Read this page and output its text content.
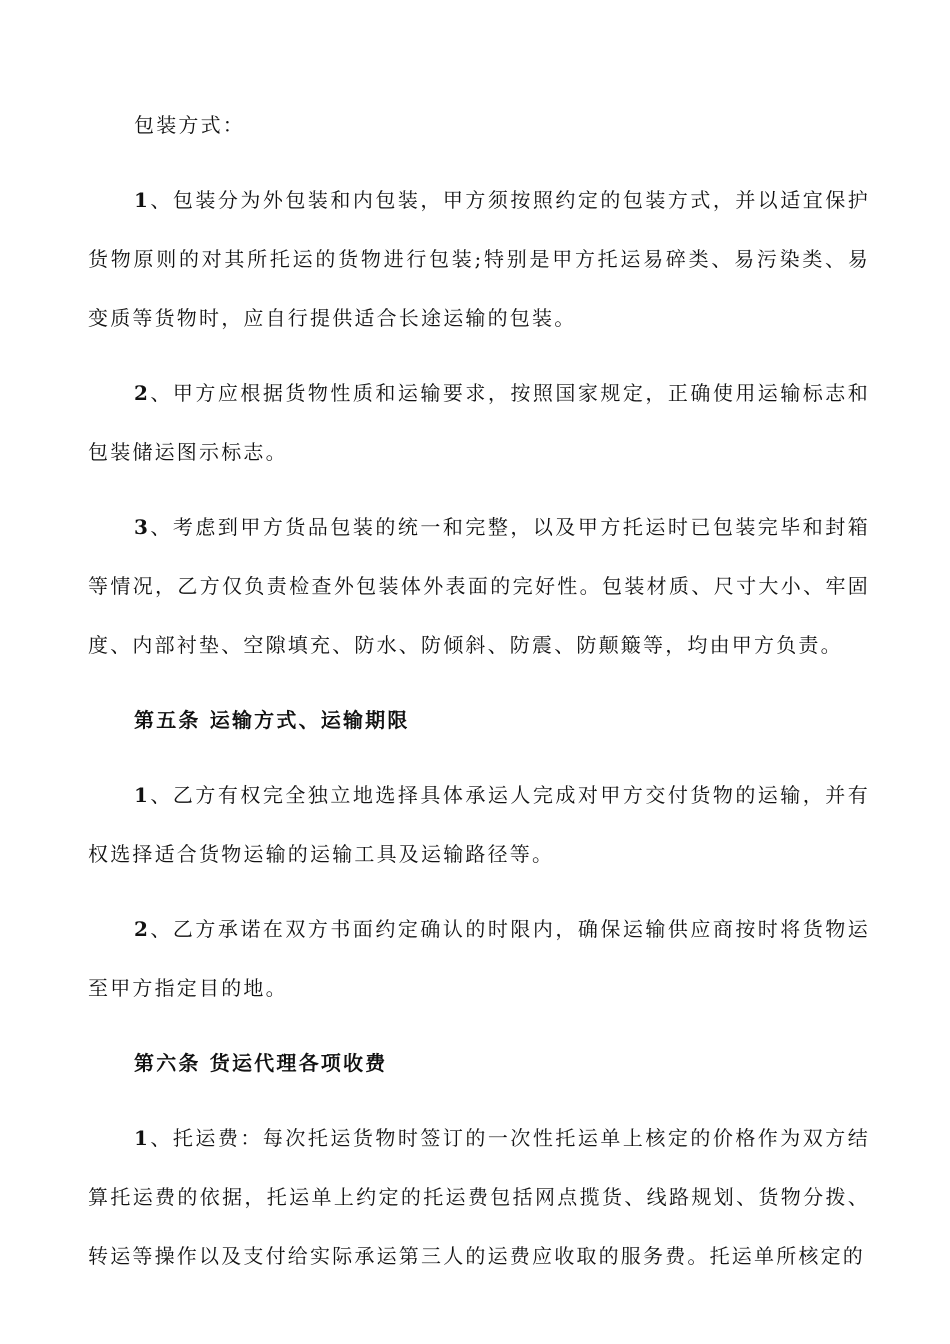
包装方式：

1、包装分为外包装和内包装，甲方须按照约定的包装方式，并以适宜保护货物原则的对其所托运的货物进行包装;特别是甲方托运易碎类、易污染类、易变质等货物时，应自行提供适合长途运输的包装。

2、甲方应根据货物性质和运输要求，按照国家规定，正确使用运输标志和包装储运图示标志。

3、考虑到甲方货品包装的统一和完整，以及甲方托运时已包装完毕和封箱等情况，乙方仅负责检查外包装体外表面的完好性。包装材质、尺寸大小、牢固度、内部衬垫、空隙填充、防水、防倾斜、防震、防颠簸等，均由甲方负责。

第五条 运输方式、运输期限

1、乙方有权完全独立地选择具体承运人完成对甲方交付货物的运输，并有权选择适合货物运输的运输工具及运输路径等。

2、乙方承诺在双方书面约定确认的时限内，确保运输供应商按时将货物运至甲方指定目的地。

第六条 货运代理各项收费

1、托运费：每次托运货物时签订的一次性托运单上核定的价格作为双方结算托运费的依据，托运单上约定的托运费包括网点揽货、线路规划、货物分拨、转运等操作以及支付给实际承运第三人的运费应收取的服务费。托运单所核定的
